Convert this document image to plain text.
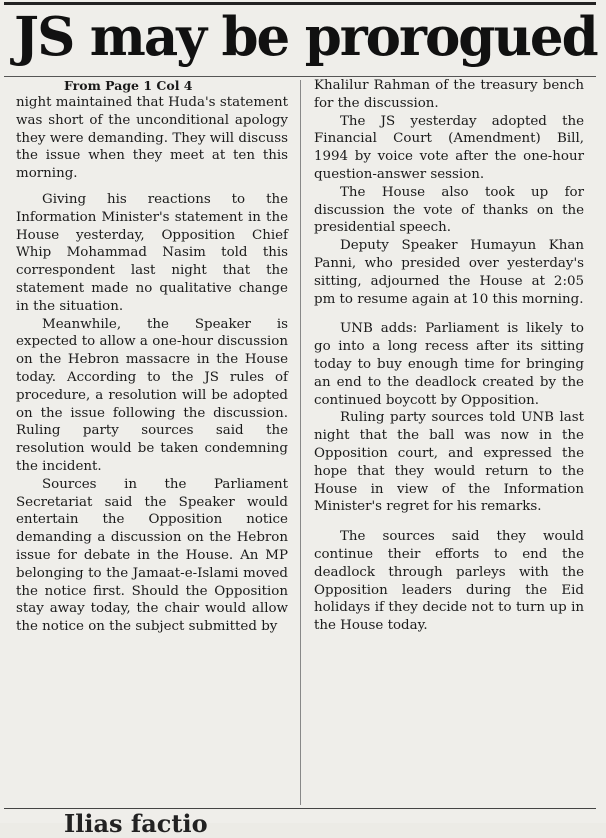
JS may be prorogued

From Page 1 Col 4

night maintained that Huda's statement was short of the unconditional apology they were demanding. They will discuss the issue when they meet at ten this morning.

Giving his reactions to the Information Minister's statement in the House yesterday, Opposition Chief Whip Mohammad Nasim told this correspondent last night that the statement made no qualitative change in the situation.

Meanwhile, the Speaker is expected to allow a one-hour discussion on the Hebron massacre in the House today. According to the JS rules of procedure, a resolution will be adopted on the issue following the discussion. Ruling party sources said the resolution would be taken condemning the incident.

Sources in the Parliament Secretariat said the Speaker would entertain the Opposition notice demanding a discussion on the Hebron issue for debate in the House. An MP belonging to the Jamaat-e-Islami moved the notice first. Should the Opposition stay away today, the chair would allow the notice on the subject submitted by

Khalilur Rahman of the treasury bench for the discussion.

The JS yesterday adopted the Financial Court (Amendment) Bill, 1994 by voice vote after the one-hour question-answer session.

The House also took up for discussion the vote of thanks on the presidential speech.

Deputy Speaker Humayun Khan Panni, who presided over yesterday's sitting, adjourned the House at 2:05 pm to resume again at 10 this morning.

UNB adds: Parliament is likely to go into a long recess after its sitting today to buy enough time for bringing an end to the deadlock created by the continued boycott by Opposition.

Ruling party sources told UNB last night that the ball was now in the Opposition court, and expressed the hope that they would return to the House in view of the Information Minister's regret for his remarks.

The sources said they would continue their efforts to end the deadlock through parleys with the Opposition leaders during the Eid holidays if they decide not to turn up in the House today.

Ilias factio
